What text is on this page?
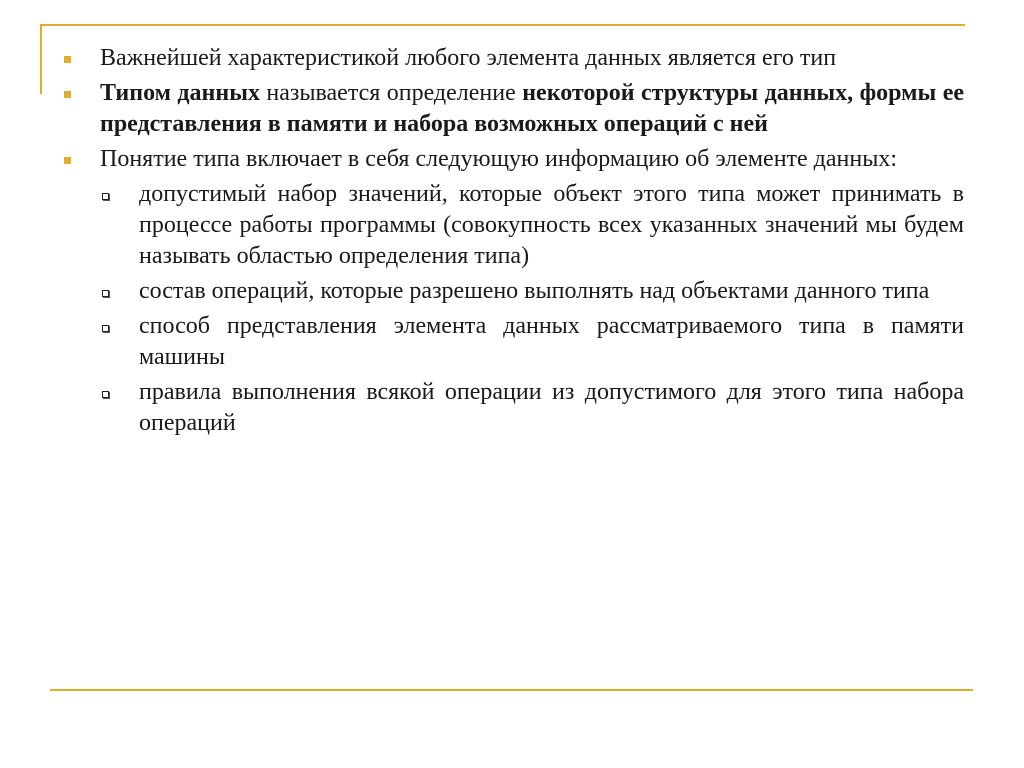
Важнейшей характеристикой любого элемента данных является его тип
Типом данных называется определение некоторой структуры данных, формы ее представления в памяти и набора возможных операций с ней
Понятие типа включает в себя следующую информацию об элементе данных:
допустимый набор значений, которые объект этого типа может принимать в процессе работы программы (совокупность всех указанных значений мы будем называть областью определения типа)
состав операций, которые разрешено выполнять над объектами данного типа
способ представления элемента данных рассматриваемого типа в памяти машины
правила выполнения всякой операции из допустимого для этого типа набора операций
